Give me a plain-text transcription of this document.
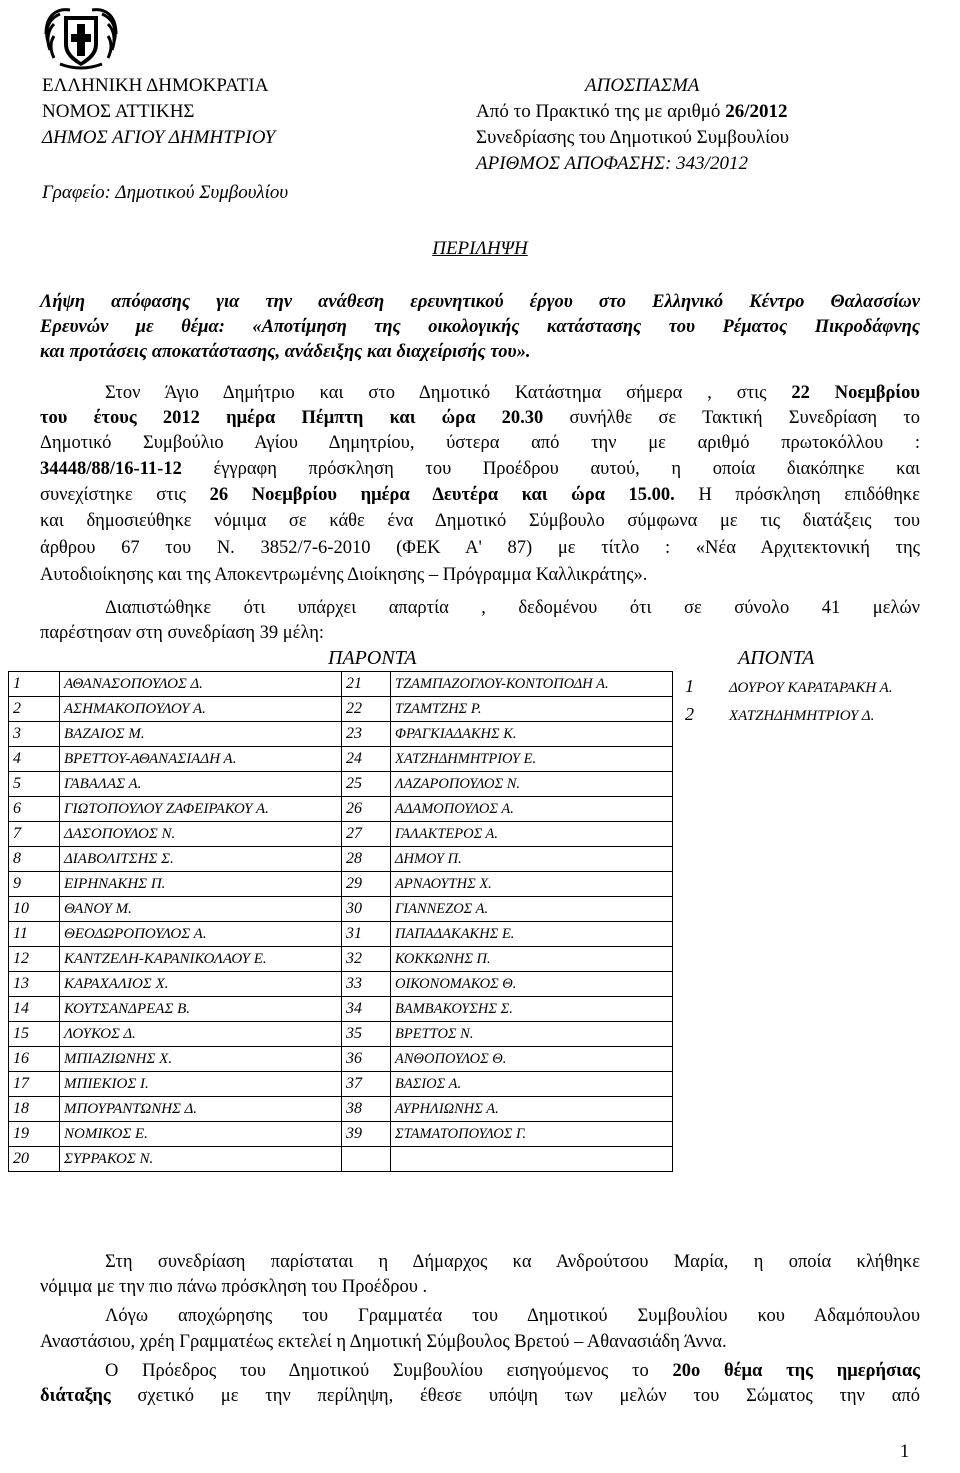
ΕΛΛΗΝΙΚΗ ΔΗΜΟΚΡΑΤΙΑ
ΝΟΜΟΣ ΑΤΤΙΚΗΣ
ΔΗΜΟΣ ΑΓΙΟΥ ΔΗΜΗΤΡΙΟΥ
Γραφείο: Δημοτικού Συμβουλίου
ΑΠΟΣΠΑΣΜΑ
Από το Πρακτικό της με αριθμό 26/2012
Συνεδρίασης του Δημοτικού Συμβουλίου
ΑΡΙΘΜΟΣ ΑΠΟΦΑΣΗΣ: 343/2012
ΠΕΡΙΛΗΨΗ
Λήψη απόφασης για την ανάθεση ερευνητικού έργου στο Ελληνικό Κέντρο Θαλασσίων
Ερευνών με θέμα: «Αποτίμηση της οικολογικής κατάστασης του Ρέματος Πικροδάφνης
και προτάσεις αποκατάστασης, ανάδειξης και διαχείρισής του».
Στον Άγιο Δημήτριο και στο Δημοτικό Κατάστημα σήμερα , στις 22 Νοεμβρίου
του έτους 2012 ημέρα Πέμπτη και ώρα 20.30 συνήλθε σε Τακτική Συνεδρίαση το
Δημοτικό Συμβούλιο Αγίου Δημητρίου, ύστερα από την με αριθμό πρωτοκόλλου :
34448/88/16-11-12 έγγραφη πρόσκληση του Προέδρου αυτού, η οποία διακόπηκε και
συνεχίστηκε στις 26 Νοεμβρίου ημέρα Δευτέρα και ώρα 15.00. Η πρόσκληση επιδόθηκε
και δημοσιεύθηκε νόμιμα σε κάθε ένα Δημοτικό Σύμβουλο σύμφωνα με τις διατάξεις του
άρθρου 67 του Ν. 3852/7-6-2010 (ΦΕΚ Α' 87) με τίτλο : «Νέα Αρχιτεκτονική της
Αυτοδιοίκησης και της Αποκεντρωμένης Διοίκησης – Πρόγραμμα Καλλικράτης».
Διαπιστώθηκε ότι υπάρχει απαρτία , δεδομένου ότι σε σύνολο 41 μελών
παρέστησαν στη συνεδρίαση 39 μέλη:
ΠΑΡΟΝΤΑ	ΑΠΟΝΤΑ
1	ΑΘΑΝΑΣΟΠΟΥΛΟΣ Δ.	21	ΤΖΑΜΠΑΖΟΓΛΟΥ-ΚΟΝΤΟΠΟΔΗ Α.
2	ΑΣΗΜΑΚΟΠΟΥΛΟΥ Α.	22	ΤΖΑΜΤΖΗΣ Ρ.
3	ΒΑΖΑΙΟΣ Μ.	23	ΦΡΑΓΚΙΑΔΑΚΗΣ Κ.
4	ΒΡΕΤΤΟΥ-ΑΘΑΝΑΣΙΑΔΗ Α.	24	ΧΑΤΖΗΔΗΜΗΤΡΙΟΥ Ε.
5	ΓΑΒΑΛΑΣ Α.	25	ΛΑΖΑΡΟΠΟΥΛΟΣ Ν.
6	ΓΙΩΤΟΠΟΥΛΟΥ ΖΑΦΕΙΡΑΚΟΥ Α.	26	ΑΔΑΜΟΠΟΥΛΟΣ Α.
7	ΔΑΣΟΠΟΥΛΟΣ Ν.	27	ΓΑΛΑΚΤΕΡΟΣ Α.
8	ΔΙΑΒΟΛΙΤΣΗΣ Σ.	28	ΔΗΜΟΥ Π.
9	ΕΙΡΗΝΑΚΗΣ Π.	29	ΑΡΝΑΟΥΤΗΣ Χ.
10	ΘΑΝΟΥ Μ.	30	ΓΙΑΝΝΕΖΟΣ Α.
11	ΘΕΟΔΩΡΟΠΟΥΛΟΣ Α.	31	ΠΑΠΑΔΑΚΑΚΗΣ Ε.
12	ΚΑΝΤΖΕΛΗ-ΚΑΡΑΝΙΚΟΛΑΟΥ Ε.	32	ΚΟΚΚΩΝΗΣ Π.
13	ΚΑΡΑΧΑΛΙΟΣ Χ.	33	ΟΙΚΟΝΟΜΑΚΟΣ Θ.
14	ΚΟΥΤΣΑΝΔΡΕΑΣ Β.	34	ΒΑΜΒΑΚΟΥΣΗΣ Σ.
15	ΛΟΥΚΟΣ Δ.	35	ΒΡΕΤΤΟΣ Ν.
16	ΜΠΙΑΖΙΩΝΗΣ Χ.	36	ΑΝΘΟΠΟΥΛΟΣ Θ.
17	ΜΠΙΕΚΙΟΣ Ι.	37	ΒΑΣΙΟΣ Α.
18	ΜΠΟΥΡΑΝΤΩΝΗΣ Δ.	38	ΑΥΡΗΛΙΩΝΗΣ Α.
19	ΝΟΜΙΚΟΣ Ε.	39	ΣΤΑΜΑΤΟΠΟΥΛΟΣ Γ.
20	ΣΥΡΡΑΚΟΣ Ν.		
1 ΔΟΥΡΟΥ ΚΑΡΑΤΑΡΑΚΗ Α.
2 ΧΑΤΖΗΔΗΜΗΤΡΙΟΥ Δ.
Στη συνεδρίαση παρίσταται η Δήμαρχος κα Ανδρούτσου Μαρία, η οποία κλήθηκε
νόμιμα με την πιο πάνω πρόσκληση του Προέδρου .
Λόγω αποχώρησης του Γραμματέα του Δημοτικού Συμβουλίου κου Αδαμόπουλου
Αναστάσιου, χρέη Γραμματέως εκτελεί η Δημοτική Σύμβουλος Βρετού – Αθανασιάδη Άννα.
Ο Πρόεδρος του Δημοτικού Συμβουλίου εισηγούμενος το 20ο θέμα της ημερήσιας
διάταξης σχετικό με την περίληψη, έθεσε υπόψη των μελών του Σώματος την από
1
